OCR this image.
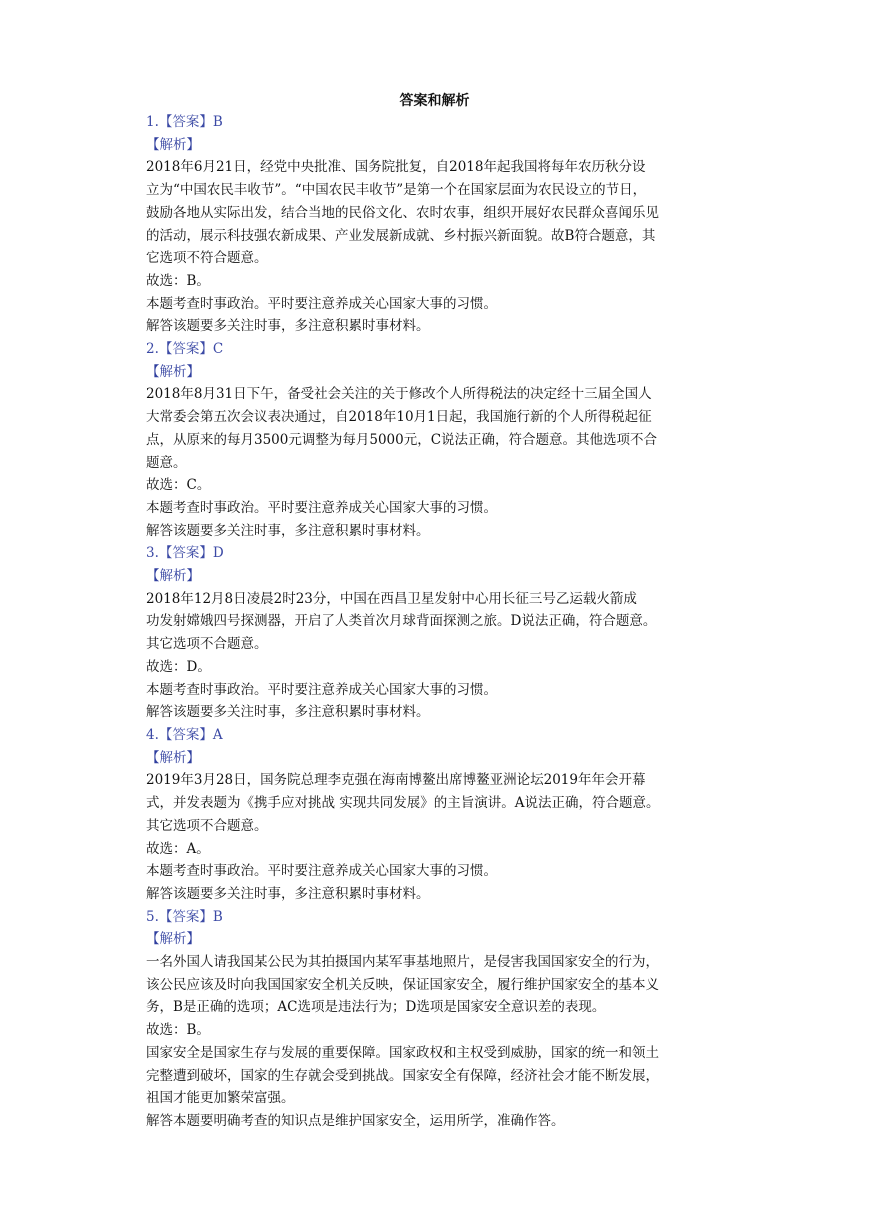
答案和解析
1.【答案】B
【解析】
2018年6月21日，经党中央批准、国务院批复，自2018年起我国将每年农历秋分设
立为“中国农民丰收节”。“中国农民丰收节”是第一个在国家层面为农民设立的节日，
鼓励各地从实际出发，结合当地的民俗文化、农时农事，组织开展好农民群众喜闻乐见
的活动，展示科技强农新成果、产业发展新成就、乡村振兴新面貌。故B符合题意，其
它选项不符合题意。
故选：B。
本题考查时事政治。平时要注意养成关心国家大事的习惯。
解答该题要多关注时事，多注意积累时事材料。
2.【答案】C
【解析】
2018年8月31日下午，备受社会关注的关于修改个人所得税法的决定经十三届全国人
大常委会第五次会议表决通过，自2018年10月1日起，我国施行新的个人所得税起征
点，从原来的每月3500元调整为每月5000元，C说法正确，符合题意。其他选项不合
题意。
故选：C。
本题考查时事政治。平时要注意养成关心国家大事的习惯。
解答该题要多关注时事，多注意积累时事材料。
3.【答案】D
【解析】
2018年12月8日凌晨2时23分，中国在西昌卫星发射中心用长征三号乙运载火箭成
功发射嫦娥四号探测器，开启了人类首次月球背面探测之旅。D说法正确，符合题意。
其它选项不合题意。
故选：D。
本题考查时事政治。平时要注意养成关心国家大事的习惯。
解答该题要多关注时事，多注意积累时事材料。
4.【答案】A
【解析】
2019年3月28日，国务院总理李克强在海南博鳌出席博鳌亚洲论坛2019年年会开幕
式，并发表题为《携手应对挑战 实现共同发展》的主旨演讲。A说法正确，符合题意。
其它选项不合题意。
故选：A。
本题考查时事政治。平时要注意养成关心国家大事的习惯。
解答该题要多关注时事，多注意积累时事材料。
5.【答案】B
【解析】
一名外国人请我国某公民为其拍摄国内某军事基地照片，是侵害我国国家安全的行为，
该公民应该及时向我国国家安全机关反映，保证国家安全，履行维护国家安全的基本义
务，B是正确的选项；AC选项是违法行为；D选项是国家安全意识差的表现。
故选：B。
国家安全是国家生存与发展的重要保障。国家政权和主权受到威胁，国家的统一和领土
完整遭到破坏，国家的生存就会受到挑战。国家安全有保障，经济社会才能不断发展，
祖国才能更加繁荣富强。
解答本题要明确考查的知识点是维护国家安全，运用所学，准确作答。
